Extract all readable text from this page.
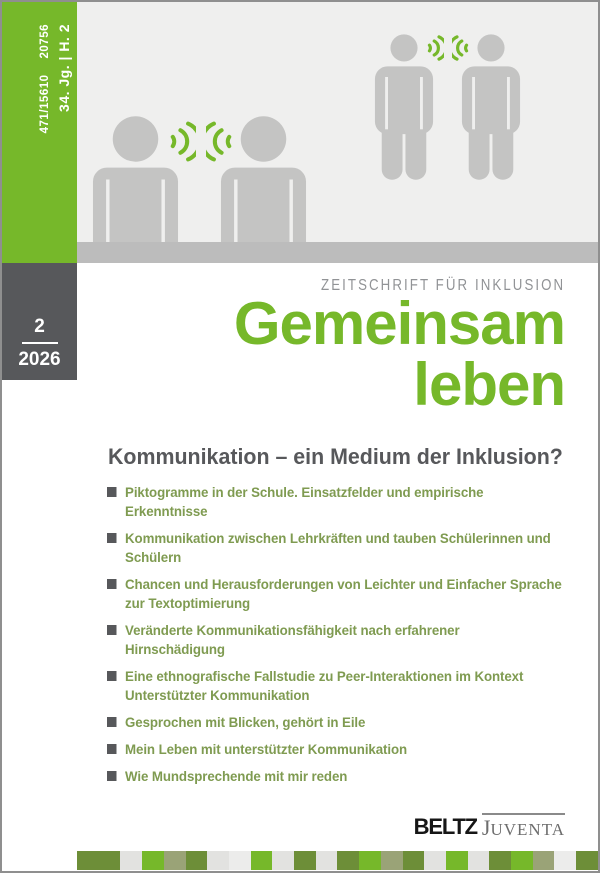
471/1561020756 34. Jg. | H. 2
2
2026
ZEITSCHRIFT FÜR INKLUSION
Gemeinsam
leben
Kommunikation – ein Medium der Inklusion?
Piktogramme in der Schule. Einsatzfelder und empirische Erkenntnisse
Kommunikation zwischen Lehrkräften und tauben Schülerinnen und Schülern
Chancen und Herausforderungen von Leichter und Einfacher Sprache zur Textoptimierung
Veränderte Kommunikationsfähigkeit nach erfahrener Hirnschädigung
Eine ethnografische Fallstudie zu Peer-Interaktionen im Kontext Unterstützter Kommunikation
Gesprochen mit Blicken, gehört in Eile
Mein Leben mit unterstützter Kommunikation
Wie Mundsprechende mit mir reden
BELTZ JUVENTA
